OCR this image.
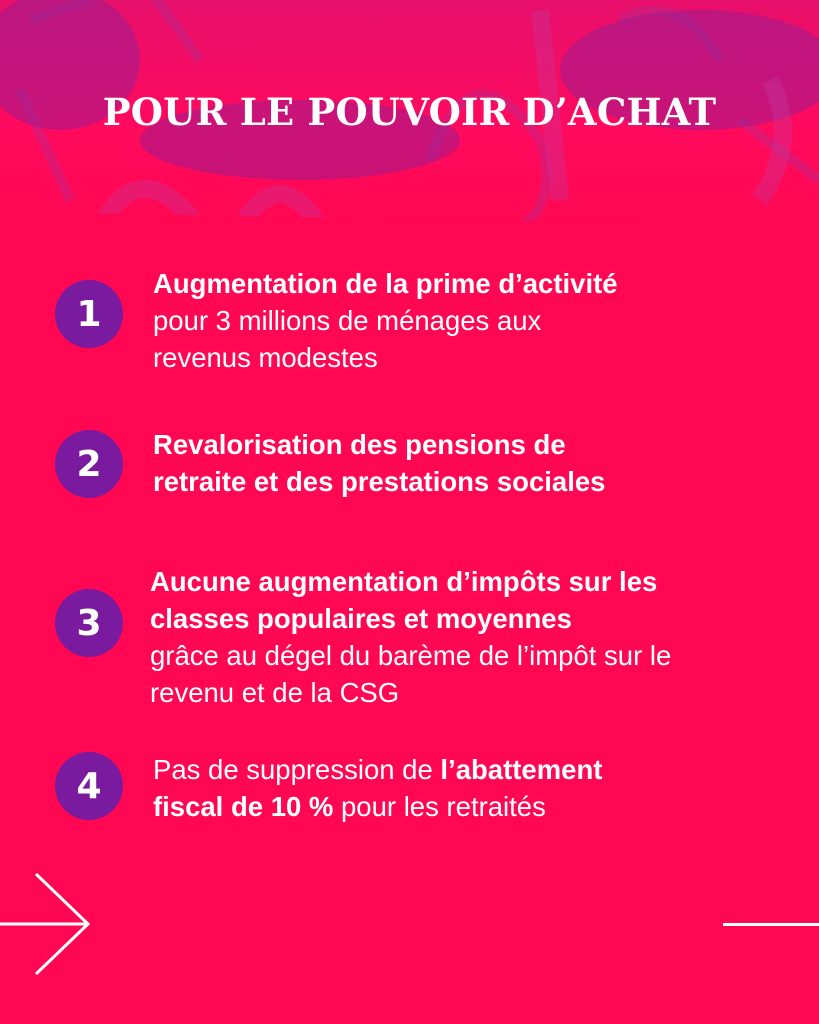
POUR LE POUVOIR D’ACHAT
1
Augmentation de la prime d’activité
pour 3 millions de ménages aux
revenus modestes
2	Revalorisation des pensions de
retraite et des prestations sociales
3
Aucune augmentation d’impôts sur les
classes populaires et moyennes
grâce au dégel du barème de l’impôt sur le
revenu et de la CSG
4	Pas de suppression de l’abattement
fiscal de 10 % pour les retraités
